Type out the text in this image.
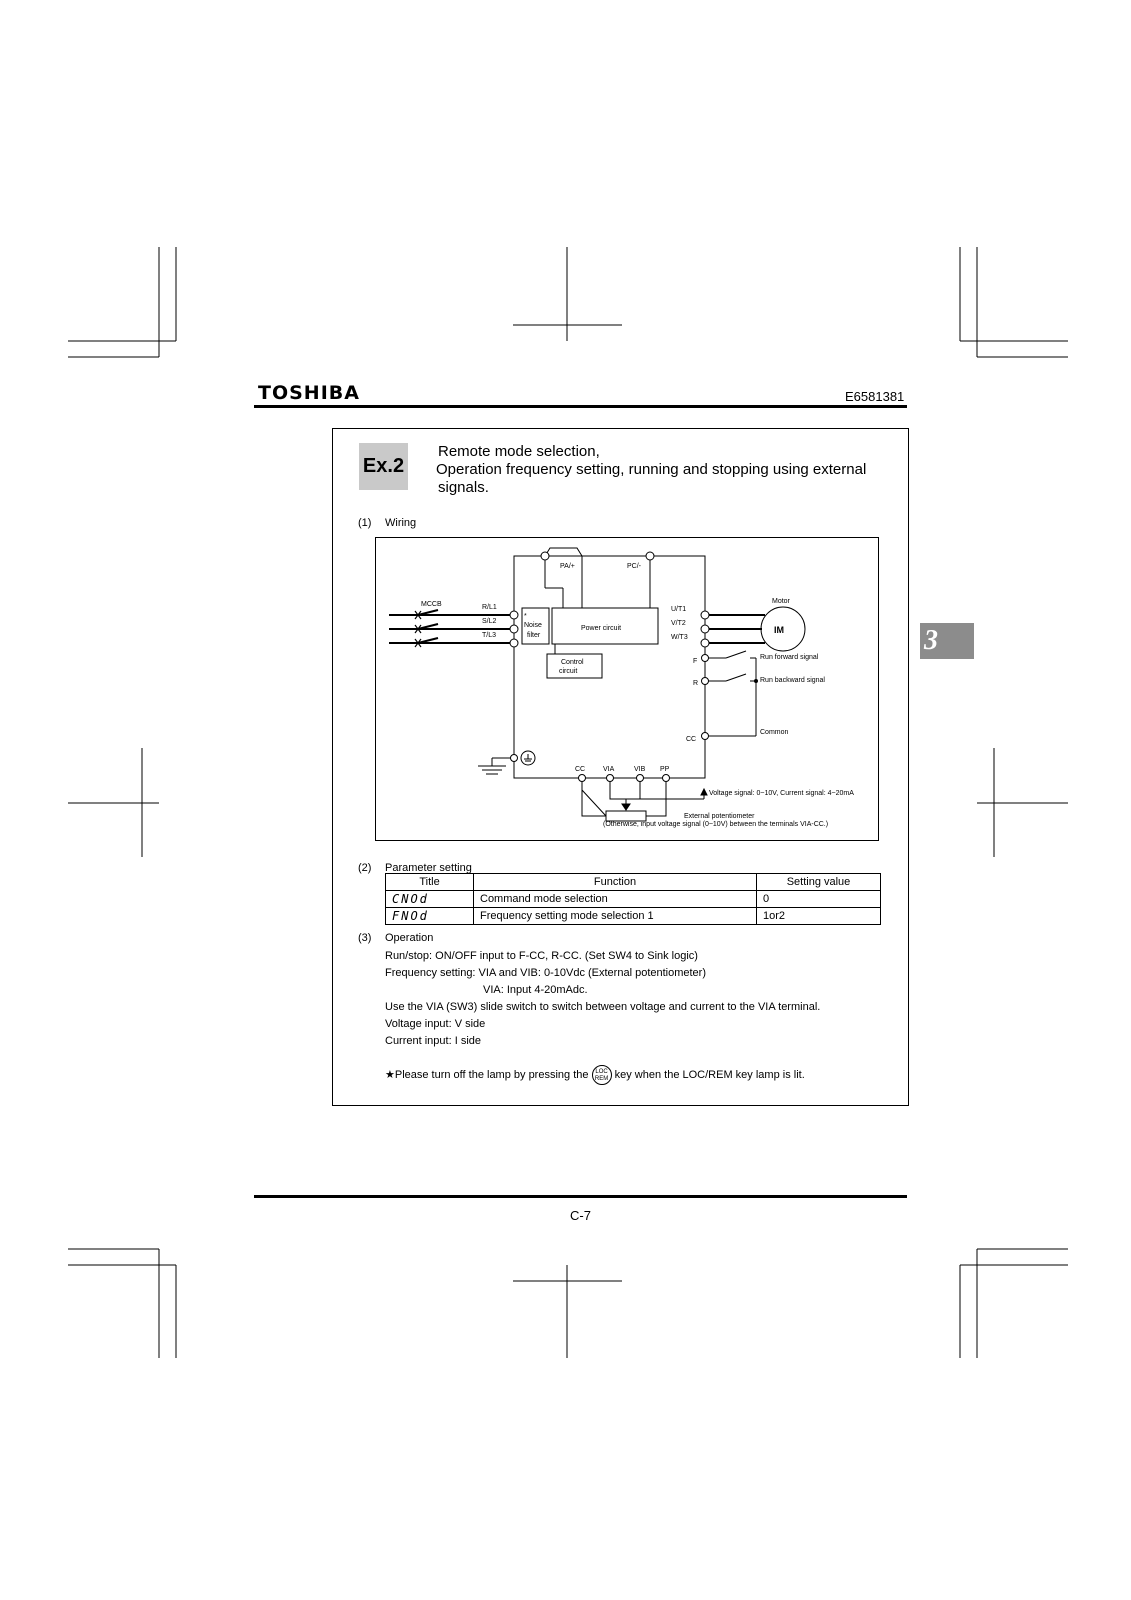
TOSHIBA	E6581381
3
Ex.2
Remote mode selection,
Operation frequency setting, running and stopping using external
signals.
(1) Wiring
PA/+	PC/-
MCCB	R/L1
S/L2
T/L3
*
Noise
filter
Power circuit
Control
circuit
U/T1
V/T2
W/T3
Motor
F
R
CC
Run forward signal
Run backward signal
Common
CC	VIA	VIB PP
Voltage signal: 0~10V, Current signal: 4~20mA
External potentiometer
(Otherwise, input voltage signal (0~10V) between the terminals VIA-CC.)
IM
(2) Parameter setting
Title	Function	Setting value
CNOd	Command mode selection	0
FNOd	Frequency setting mode selection 1	1or2
(3) Operation
Run/stop: ON/OFF input to F-CC, R-CC. (Set SW4 to Sink logic)
Frequency setting: VIA and VIB: 0-10Vdc (External potentiometer)
VIA: Input 4-20mAdc.
Use the VIA (SW3) slide switch to switch between voltage and current to the VIA terminal.
Voltage input: V side
Current input: I side
★Please turn off the lamp by pressing the LOC
REM key when the LOC/REM key lamp is lit.
C-7
